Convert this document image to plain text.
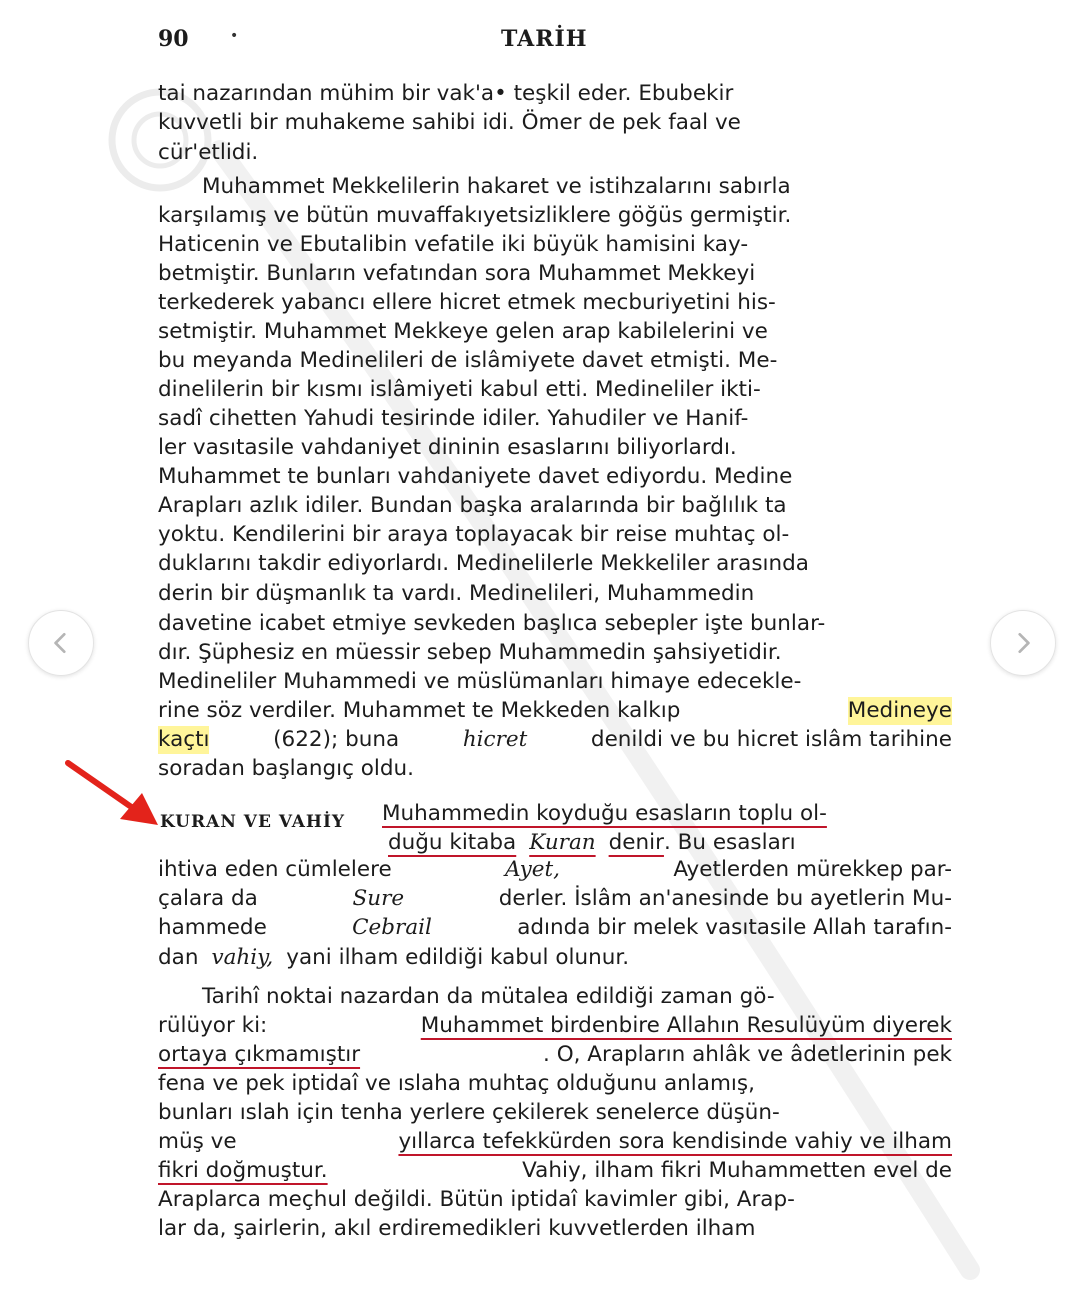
90	•	TARİH
tai nazarından mühim bir vak'a• teşkil eder. Ebubekir
kuvvetli bir muhakeme sahibi idi. Ömer de pek faal ve
cür'etlidi.
Muhammet Mekkelilerin hakaret ve istihzalarını sabırla
karşılamış ve bütün muvaffakıyetsizliklere göğüs germiştir.
Haticenin ve Ebutalibin vefatile iki büyük hamisini kay-
betmiştir. Bunların vefatından sora Muhammet Mekkeyi
terkederek yabancı ellere hicret etmek mecburiyetini his-
setmiştir. Muhammet Mekkeye gelen arap kabilelerini ve
bu meyanda Medinelileri de islâmiyete davet etmişti. Me-
dinelilerin bir kısmı islâmiyeti kabul etti. Medineliler ikti-
sadî cihetten Yahudi tesirinde idiler. Yahudiler ve Hanif-
ler vasıtasile vahdaniyet dininin esaslarını biliyorlardı.
Muhammet te bunları vahdaniyete davet ediyordu. Medine
Arapları azlık idiler. Bundan başka aralarında bir bağlılık ta
yoktu. Kendilerini bir araya toplayacak bir reise muhtaç ol-
duklarını takdir ediyorlardı. Medinelilerle Mekkeliler arasında
derin bir düşmanlık ta vardı. Medinelileri, Muhammedin
davetine icabet etmiye sevkeden başlıca sebepler işte bunlar-
dır. Şüphesiz en müessir sebep Muhammedin şahsiyetidir.
Medineliler Muhammedi ve müslümanları himaye edecekle-
rine söz verdiler. Muhammet te Mekkeden kalkıp	Medineye
kaçtı	(622); buna	hicret	denildi ve bu hicret islâm tarihine
soradan başlangıç oldu.
KURAN VE VAHİY Muhammedin koyduğu esasların toplu ol-
duğu kitaba Kuran denir . Bu esasları
ihtiva eden cümlelere	Ayet,	Ayetlerden mürekkep par-
çalara da	Sure	derler. İslâm an'anesinde bu ayetlerin Mu-
hammede	Cebrail	adında bir melek vasıtasile Allah tarafın-
dan vahiy, yani ilham edildiği kabul olunur.
Tarihî noktai nazardan da mütalea edildiği zaman gö-
rülüyor ki:	Muhammet birdenbire Allahın Resulüyüm diyerek
ortaya çıkmamıştır	. O, Arapların ahlâk ve âdetlerinin pek
fena ve pek iptidaî ve ıslaha muhtaç olduğunu anlamış,
bunları ıslah için tenha yerlere çekilerek senelerce düşün-
müş ve	yıllarca tefekkürden sora kendisinde vahiy ve ilham
fikri doğmuştur.	Vahiy, ilham fikri Muhammetten evel de
Araplarca meçhul değildi. Bütün iptidaî kavimler gibi, Arap-
lar da, şairlerin, akıl erdiremedikleri kuvvetlerden ilham
